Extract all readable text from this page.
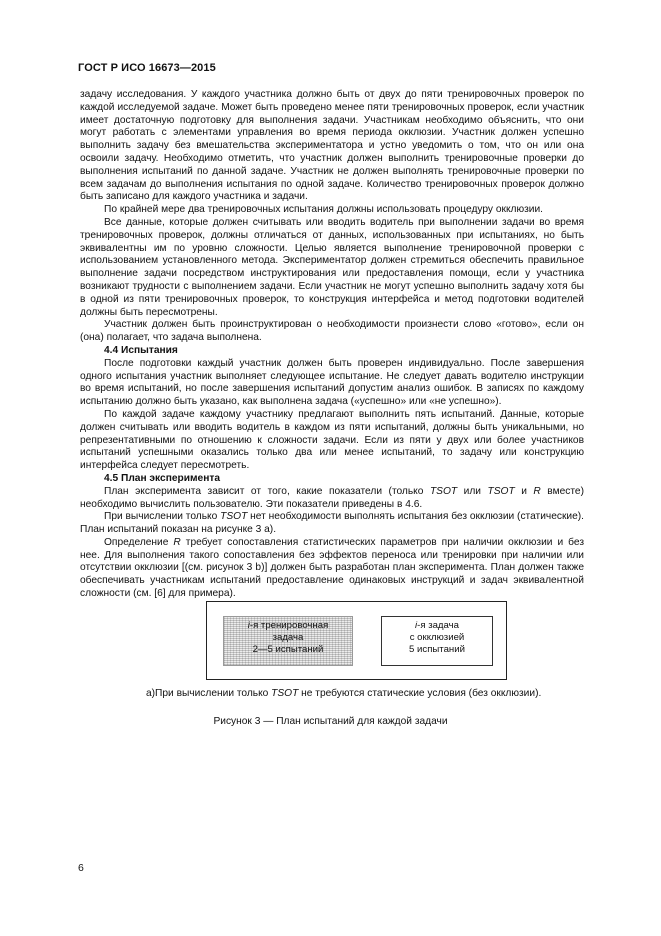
ГОСТ Р ИСО 16673—2015

задачу исследования. У каждого участника должно быть от двух до пяти тренировочных проверок по каждой исследуемой задаче. Может быть проведено менее пяти тренировочных проверок, если участник имеет достаточную подготовку для выполнения задачи. Участникам необходимо объяснить, что они могут работать с элементами управления во время периода окклюзии. Участник должен успешно выполнить задачу без вмешательства экспериментатора и устно уведомить о том, что он или она освоили задачу. Необходимо отметить, что участник должен выполнить тренировочные проверки до выполнения испытаний по данной задаче. Участник не должен выполнять тренировочные проверки по всем задачам до выполнения испытания по одной задаче. Количество тренировочных проверок должно быть записано для каждого участника и задачи.

По крайней мере два тренировочных испытания должны использовать процедуру окклюзии.

Все данные, которые должен считывать или вводить водитель при выполнении задачи во время тренировочных проверок, должны отличаться от данных, использованных при испытаниях, но быть эквивалентны им по уровню сложности. Целью является выполнение тренировочной проверки с использованием установленного метода. Экспериментатор должен стремиться обеспечить правильное выполнение задачи посредством инструктирования или предоставления помощи, если у участника возникают трудности с выполнением задачи. Если участник не могут успешно выполнить задачу хотя бы в одной из пяти тренировочных проверок, то конструкция интерфейса и метод подготовки водителей должны быть пересмотрены.

Участник должен быть проинструктирован о необходимости произнести слово «готово», если он (она) полагает, что задача выполнена.

4.4 Испытания

После подготовки каждый участник должен быть проверен индивидуально. После завершения одного испытания участник выполняет следующее испытание. Не следует давать водителю инструкции во время испытаний, но после завершения испытаний допустим анализ ошибок. В записях по каждому испытанию должно быть указано, как выполнена задача («успешно» или «не успешно»).

По каждой задаче каждому участнику предлагают выполнить пять испытаний. Данные, которые должен считывать или вводить водитель в каждом из пяти испытаний, должны быть уникальными, но репрезентативными по отношению к сложности задачи. Если из пяти у двух или более участников испытаний успешными оказались только два или менее испытаний, то задачу или конструкцию интерфейса следует пересмотреть.

4.5 План эксперимента

План эксперимента зависит от того, какие показатели (только TSOT или TSOT и R вместе) необходимо вычислить пользователю. Эти показатели приведены в 4.6.

При вычислении только TSOT нет необходимости выполнять испытания без окклюзии (статические). План испытаний показан на рисунке 3 а).

Определение R требует сопоставления статистических параметров при наличии окклюзии и без нее. Для выполнения такого сопоставления без эффектов переноса или тренировки при наличии или отсутствии окклюзии [(см. рисунок 3 b)] должен быть разработан план эксперимента. План должен также обеспечивать участникам испытаний предоставление одинаковых инструкций и задач эквивалентной сложности (см. [6] для примера).

i-я тренировочная
задача
2—5 испытаний
i-я задача
с окклюзией
5 испытаний
а)При вычислении только TSOT не требуются статические условия (без окклюзии).
Рисунок 3 — План испытаний для каждой задачи
6
